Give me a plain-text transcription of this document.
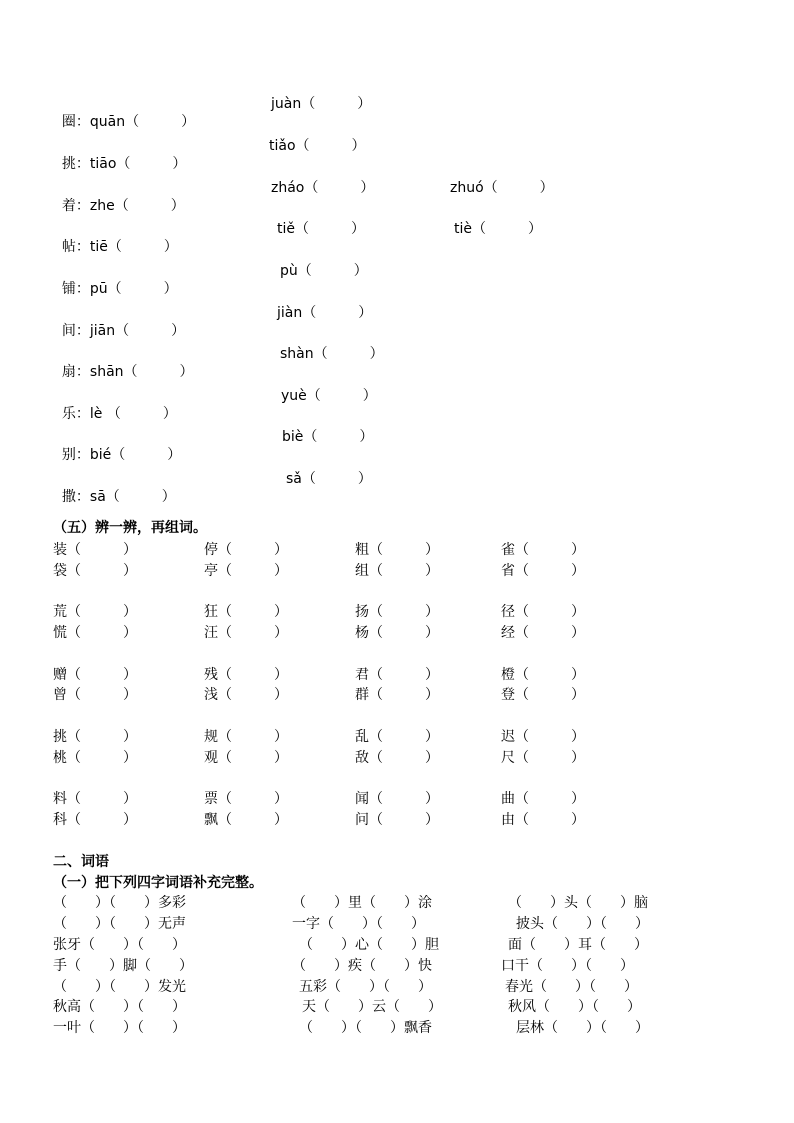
圈：quān（　　　）

juàn（　　　）

挑：tiāo（　　　）

tiǎo（　　　）

着：zhe（　　　）

zháo（　　　）	zhuó（　　　）

帖：tiē（　　　）

tiě（　　　）	tiè（　　　）

铺：pū（　　　）

pù（　　　）

间：jiān（　　　）

jiàn（　　　）

扇：shān（　　　）

shàn（　　　）

乐：lè （　　　）

yuè（　　　）

别：bié（　　　）

biè（　　　）

撒：sā（　　　）

sǎ（　　　）
（五）辨一辨，再组词。
装（　　　）	停（　　　）	粗（　　　）	雀（　　　）
袋（　　　）	亭（　　　）	组（　　　）	省（　　　）
荒（　　　）	狂（　　　）	扬（　　　）	径（　　　）
慌（　　　）	汪（　　　）	杨（　　　）	经（　　　）
赠（　　　）	残（　　　）	君（　　　）	橙（　　　）
曾（　　　）	浅（　　　）	群（　　　）	登（　　　）
挑（　　　）	规（　　　）	乱（　　　）	迟（　　　）
桃（　　　）	观（　　　）	敌（　　　）	尺（　　　）
料（　　　）	票（　　　）	闻（　　　）	曲（　　　）
科（　　　）	飘（　　　）	问（　　　）	由（　　　）
二、词语
（一）把下列四字词语补充完整。
（　　）（　　）多彩	（　　）里（　　）涂	（　　）头（　　）脑
（　　）（　　）无声	一字（　　）（　　）	披头（　　）（　　）
张牙（　　）（　　）	（　　）心（　　）胆	面（　　）耳（　　）
手（　　）脚（　　）	（　　）疾（　　）快	口干（　　）（　　）
（　　）（　　）发光	五彩（　　）（　　）	春光（　　）（　　）
秋高（　　）（　　）	天（　　）云（　　）	秋风（　　）（　　）
一叶（　　）（　　）	（　　）（　　）飘香	层林（　　）（　　）
